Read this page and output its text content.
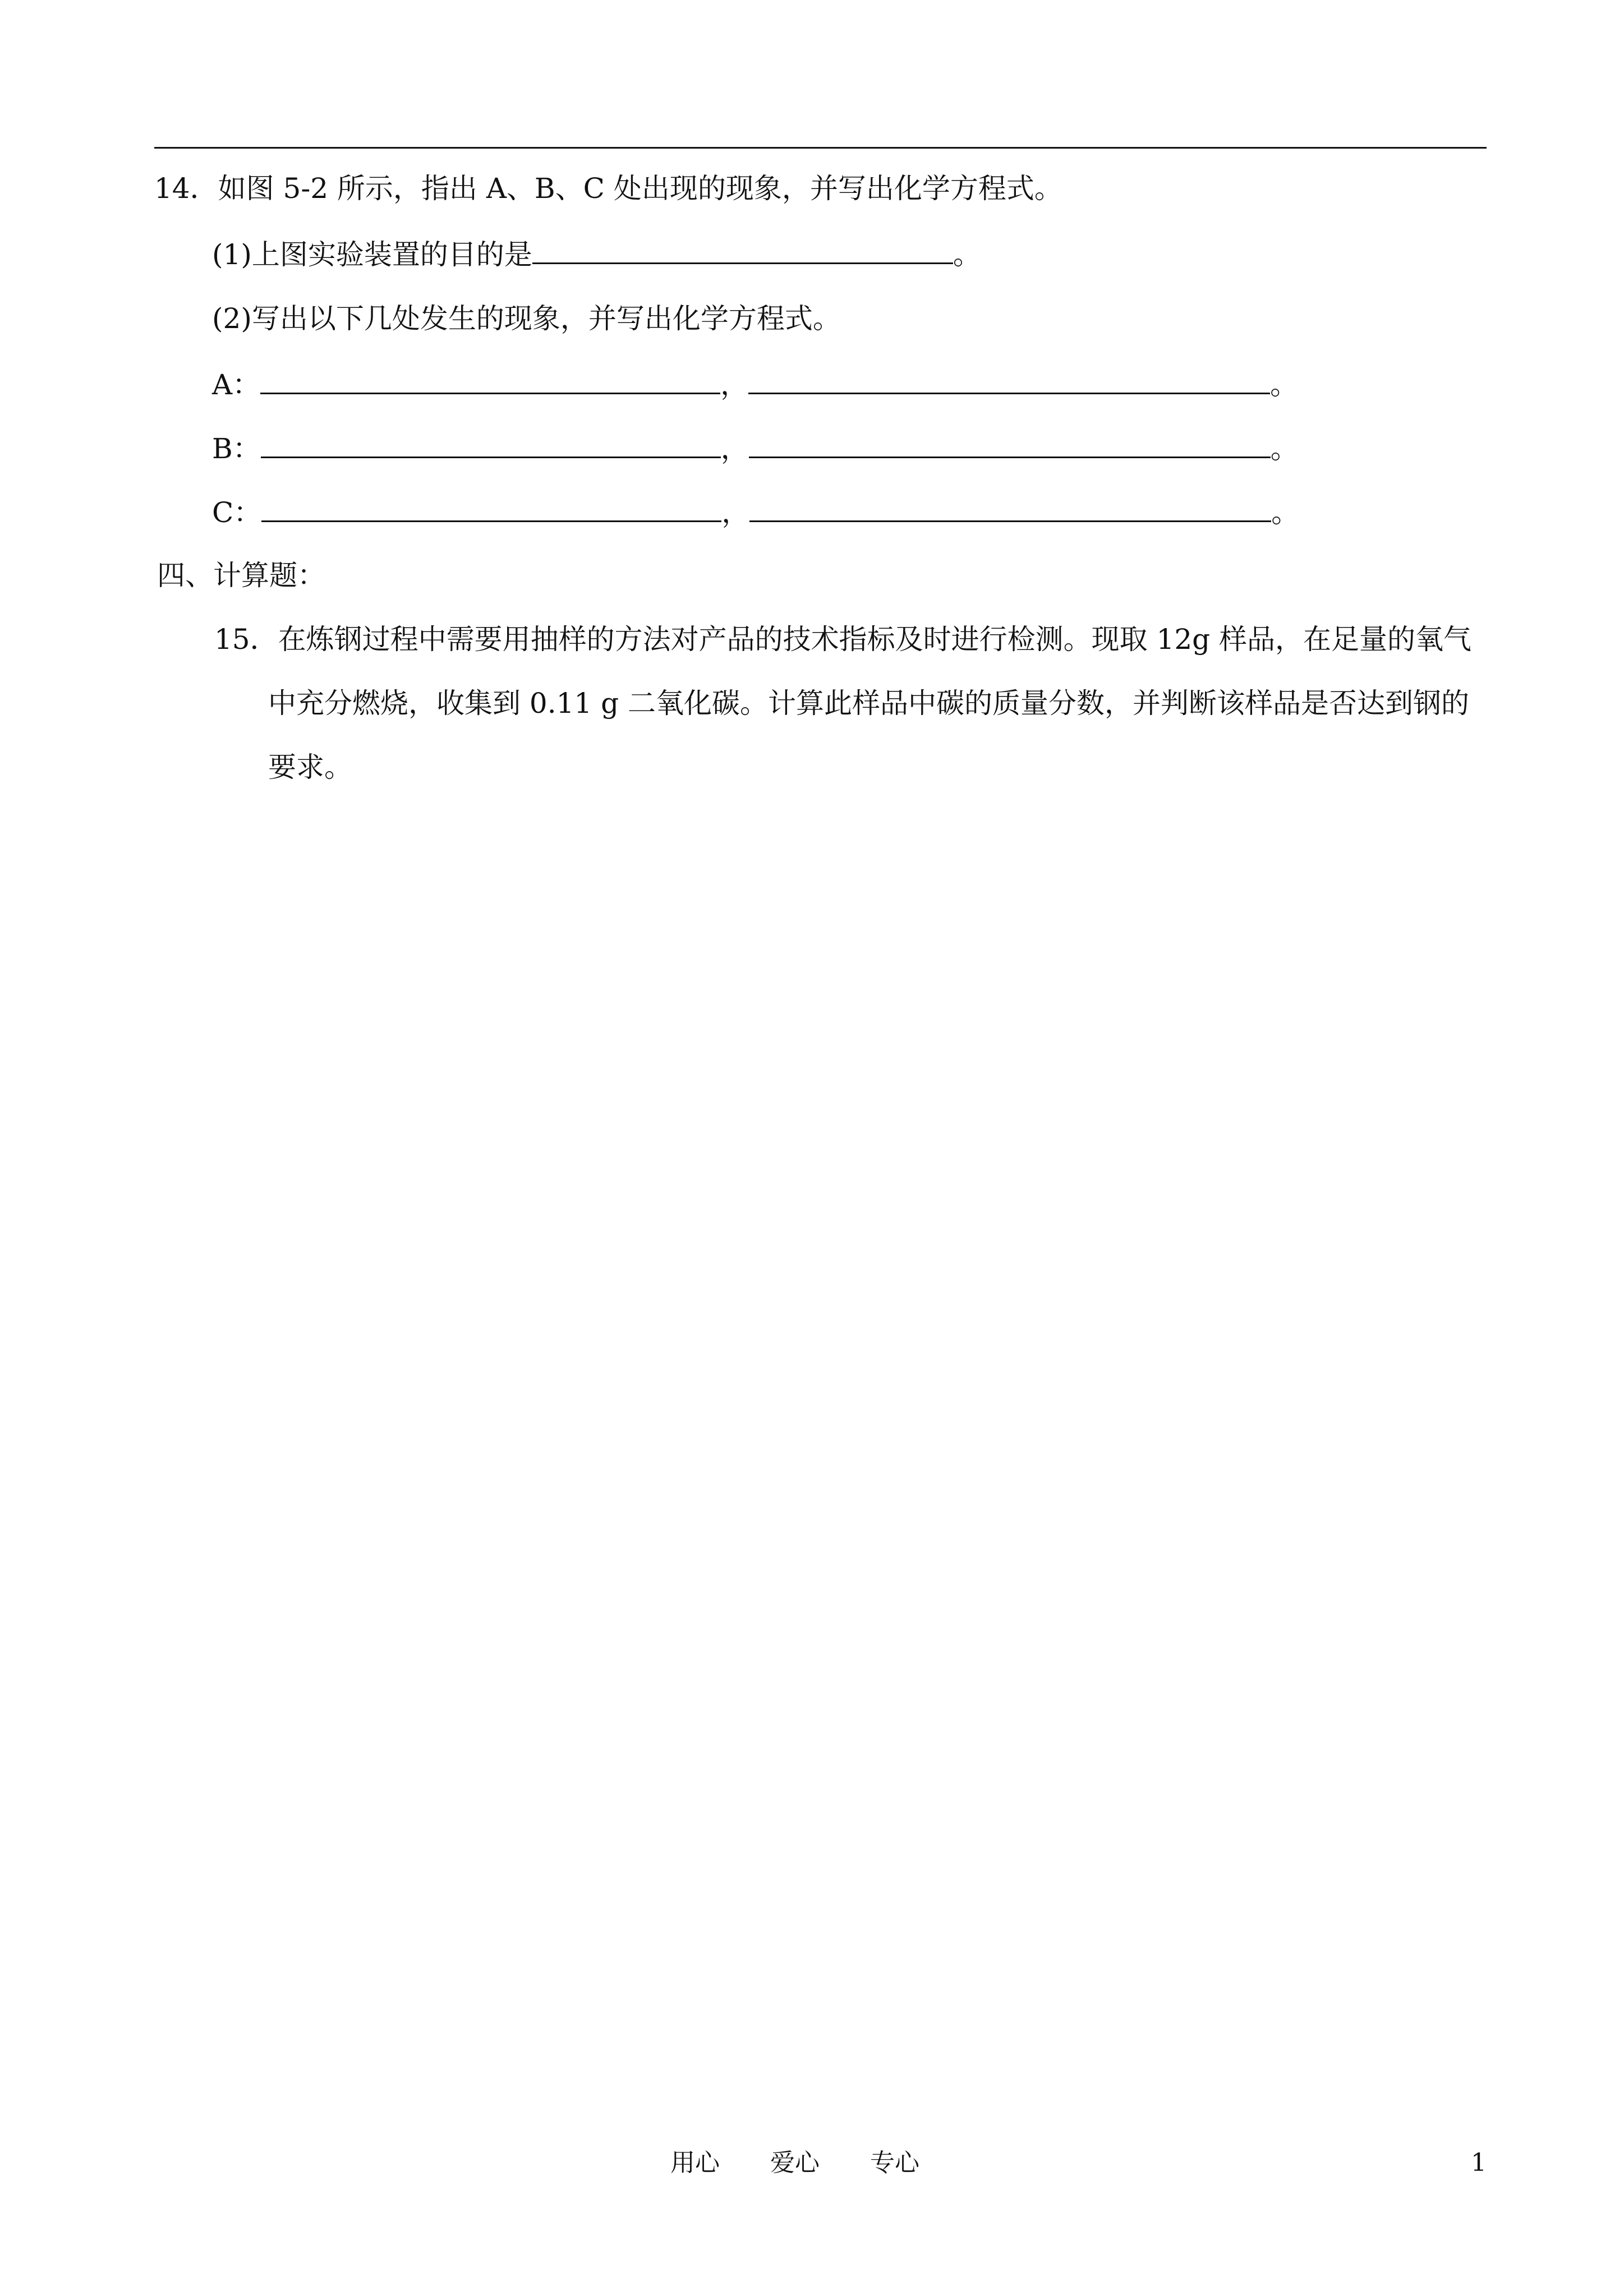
14．如图 5-2 所示，指出 A、B、C 处出现的现象，并写出化学方程式。
(1)上图实验装置的目的是	。
(2)写出以下几处发生的现象，并写出化学方程式。
A：	，	。
B：	，	。
C：	，	。
四、计算题：
15．在炼钢过程中需要用抽样的方法对产品的技术指标及时进行检测。现取 12g 样品，在足量的氧气
中充分燃烧，收集到 0.11 g 二氧化碳。计算此样品中碳的质量分数，并判断该样品是否达到钢的
要求。
用心 爱心 专心	1
